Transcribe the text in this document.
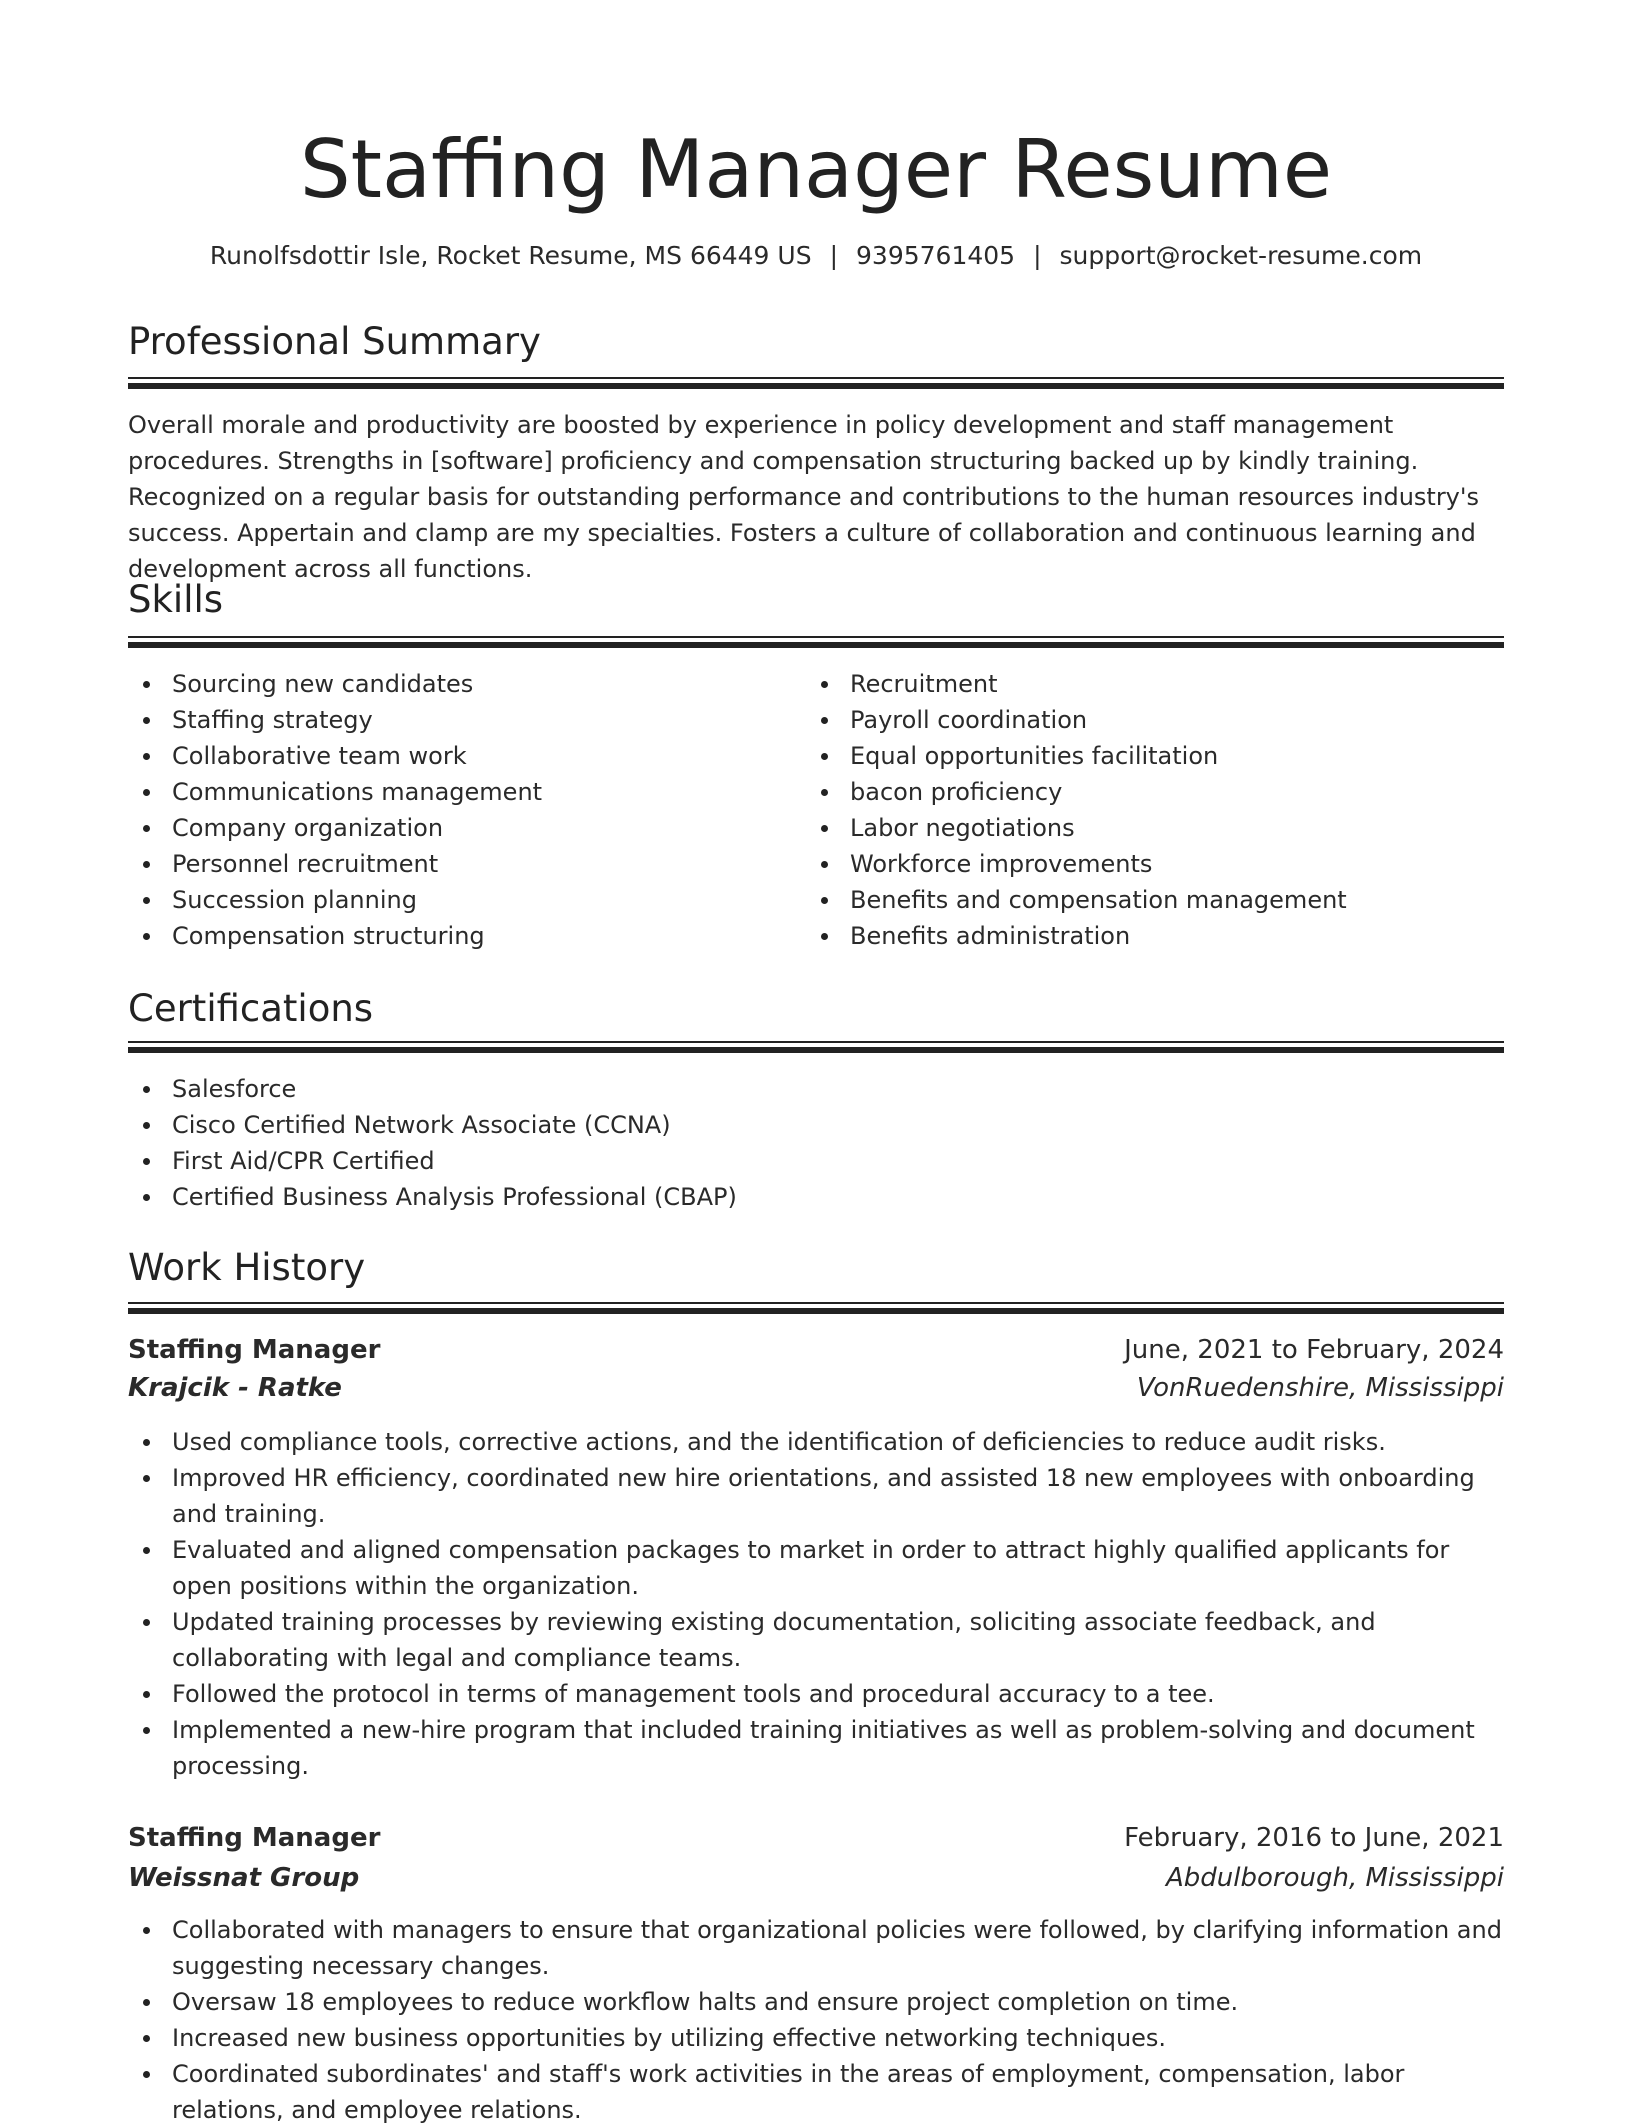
Staffing Manager Resume
Runolfsdottir Isle, Rocket Resume, MS 66449 US | 9395761405 | support@rocket-resume.com
Professional Summary

Overall morale and productivity are boosted by experience in policy development and staff management procedures. Strengths in [software] proficiency and compensation structuring backed up by kindly training. Recognized on a regular basis for outstanding performance and contributions to the human resources industry's success. Appertain and clamp are my specialties. Fosters a culture of collaboration and continuous learning and development across all functions.

Skills
Sourcing new candidates
Staffing strategy
Collaborative team work
Communications management
Company organization
Personnel recruitment
Succession planning
Compensation structuring
Recruitment
Payroll coordination
Equal opportunities facilitation
bacon proficiency
Labor negotiations
Workforce improvements
Benefits and compensation management
Benefits administration
Certifications
Salesforce
Cisco Certified Network Associate (CCNA)
First Aid/CPR Certified
Certified Business Analysis Professional (CBAP)
Work History
Staffing Manager	June, 2021 to February, 2024
Krajcik - Ratke	VonRuedenshire, Mississippi
Used compliance tools, corrective actions, and the identification of deficiencies to reduce audit risks.
Improved HR efficiency, coordinated new hire orientations, and assisted 18 new employees with onboarding and training.
Evaluated and aligned compensation packages to market in order to attract highly qualified applicants for open positions within the organization.
Updated training processes by reviewing existing documentation, soliciting associate feedback, and collaborating with legal and compliance teams.
Followed the protocol in terms of management tools and procedural accuracy to a tee.
Implemented a new-hire program that included training initiatives as well as problem-solving and document processing.
Staffing Manager	February, 2016 to June, 2021
Weissnat Group	Abdulborough, Mississippi
Collaborated with managers to ensure that organizational policies were followed, by clarifying information and suggesting necessary changes.
Oversaw 18 employees to reduce workflow halts and ensure project completion on time.
Increased new business opportunities by utilizing effective networking techniques.
Coordinated subordinates' and staff's work activities in the areas of employment, compensation, labor relations, and employee relations.
